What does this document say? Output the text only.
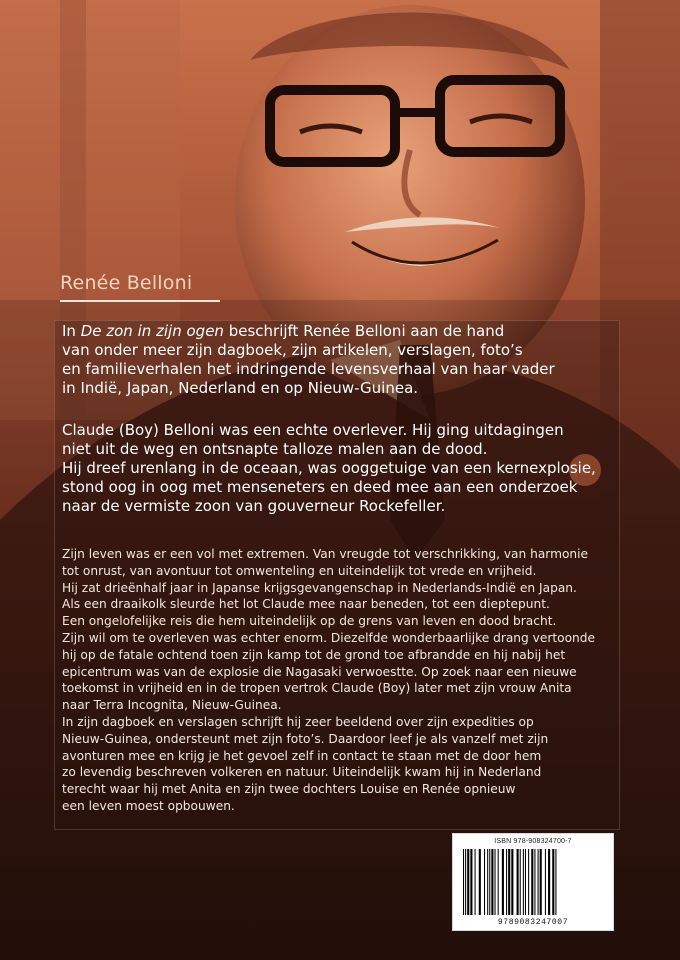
Renée Belloni
In De zon in zijn ogen beschrijft Renée Belloni aan de hand
van onder meer zijn dagboek, zijn artikelen, verslagen, foto’s
en familieverhalen het indringende levensverhaal van haar vader
in Indië, Japan, Nederland en op Nieuw-Guinea.
Claude (Boy) Belloni was een echte overlever. Hij ging uitdagingen
niet uit de weg en ontsnapte talloze malen aan de dood.
Hij dreef urenlang in de oceaan, was ooggetuige van een kernexplosie,
stond oog in oog met menseneters en deed mee aan een onderzoek
naar de vermiste zoon van gouverneur Rockefeller.
Zijn leven was er een vol met extremen. Van vreugde tot verschrikking, van harmonie
tot onrust, van avontuur tot omwenteling en uiteindelijk tot vrede en vrijheid.
Hij zat drieënhalf jaar in Japanse krijgsgevangenschap in Nederlands-Indië en Japan.
Als een draaikolk sleurde het lot Claude mee naar beneden, tot een dieptepunt.
Een ongelofelijke reis die hem uiteindelijk op de grens van leven en dood bracht.
Zijn wil om te overleven was echter enorm. Diezelfde wonderbaarlijke drang vertoonde
hij op de fatale ochtend toen zijn kamp tot de grond toe afbrandde en hij nabij het
epicentrum was van de explosie die Nagasaki verwoestte. Op zoek naar een nieuwe
toekomst in vrijheid en in de tropen vertrok Claude (Boy) later met zijn vrouw Anita
naar Terra Incognita, Nieuw-Guinea.
In zijn dagboek en verslagen schrijft hij zeer beeldend over zijn expedities op
Nieuw-Guinea, ondersteunt met zijn foto’s. Daardoor leef je als vanzelf met zijn
avonturen mee en krijg je het gevoel zelf in contact te staan met de door hem
zo levendig beschreven volkeren en natuur. Uiteindelijk kwam hij in Nederland
terecht waar hij met Anita en zijn twee dochters Louise en Renée opnieuw
een leven moest opbouwen.
ISBN 978-908324700-7
9789083247007
